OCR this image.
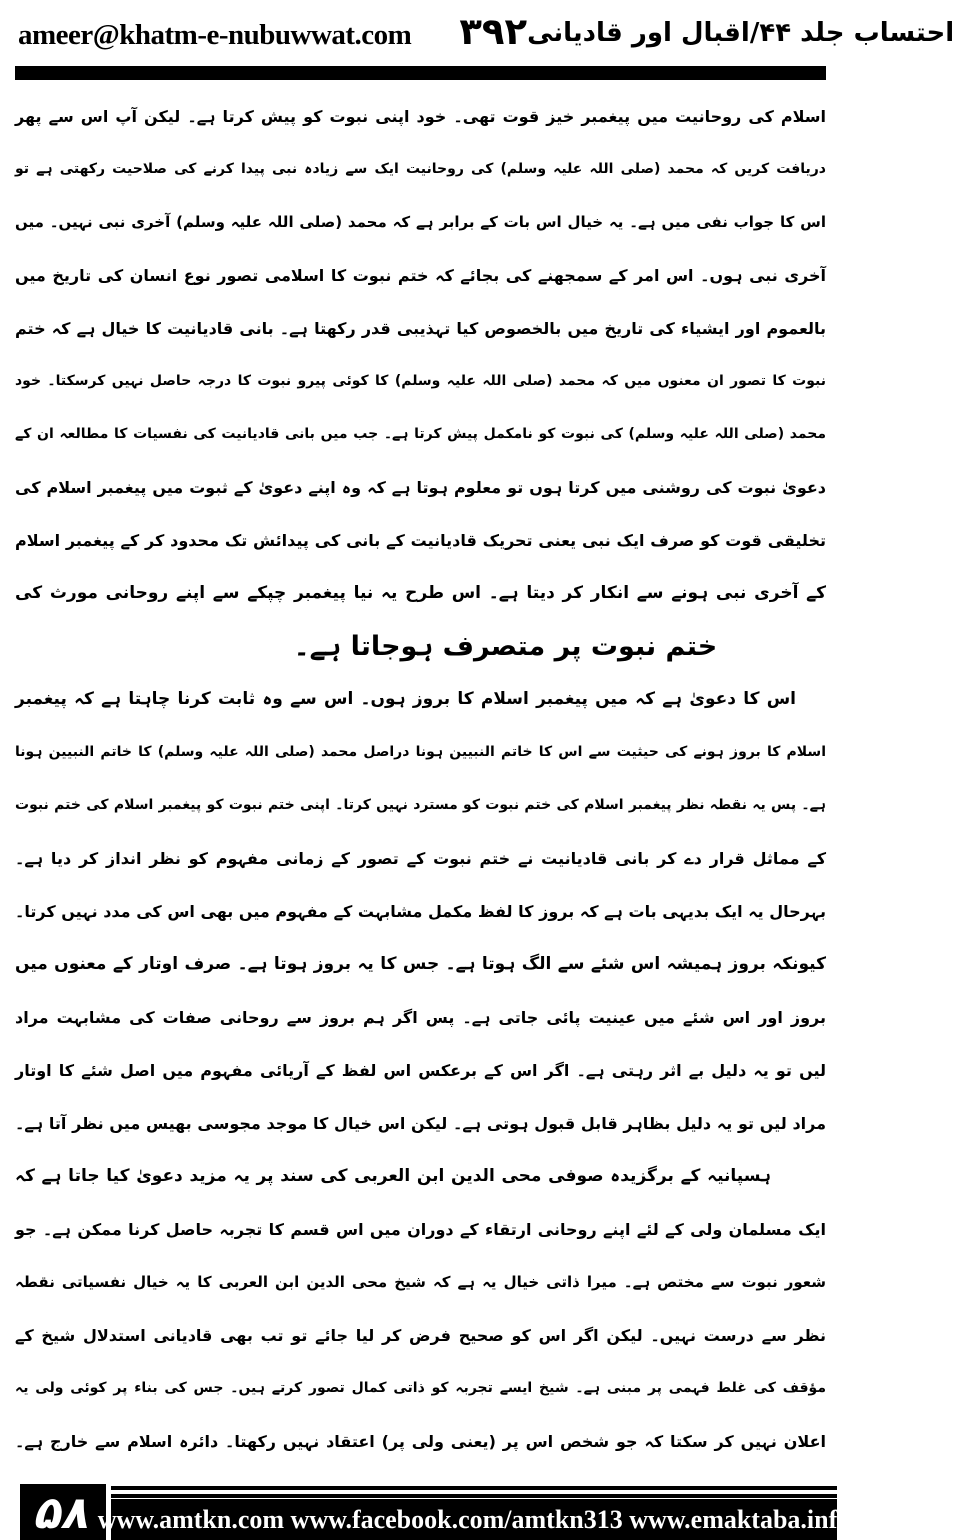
ameer@khatm-e-nubuwwat.com ۳۹۲ احتساب جلد ۴۴/اقبال اور قادیانی
اسلام کی روحانیت میں پیغمبر خیز قوت تھی۔ خود اپنی نبوت کو پیش کرتا ہے۔ لیکن آپ اس سے پھر
دریافت کریں کہ محمد (صلی اللہ علیہ وسلم) کی روحانیت ایک سے زیادہ نبی پیدا کرنے کی صلاحیت رکھتی ہے تو
اس کا جواب نفی میں ہے۔ یہ خیال اس بات کے برابر ہے کہ محمد (صلی اللہ علیہ وسلم) آخری نبی نہیں۔ میں
آخری نبی ہوں۔ اس امر کے سمجھنے کی بجائے کہ ختم نبوت کا اسلامی تصور نوع انسان کی تاریخ میں
بالعموم اور ایشیاء کی تاریخ میں بالخصوص کیا تہذیبی قدر رکھتا ہے۔ بانی قادیانیت کا خیال ہے کہ ختم
نبوت کا تصور ان معنوں میں کہ محمد (صلی اللہ علیہ وسلم) کا کوئی پیرو نبوت کا درجہ حاصل نہیں کرسکتا۔ خود
محمد (صلی اللہ علیہ وسلم) کی نبوت کو نامکمل پیش کرتا ہے۔ جب میں بانی قادیانیت کی نفسیات کا مطالعہ ان کے
دعویٰ نبوت کی روشنی میں کرتا ہوں تو معلوم ہوتا ہے کہ وہ اپنے دعویٰ کے ثبوت میں پیغمبر اسلام کی
تخلیقی قوت کو صرف ایک نبی یعنی تحریک قادیانیت کے بانی کی پیدائش تک محدود کر کے پیغمبر اسلام
کے آخری نبی ہونے سے انکار کر دیتا ہے۔ اس طرح یہ نیا پیغمبر چپکے سے اپنے روحانی مورث کی
ختم نبوت پر متصرف ہوجاتا ہے۔
اس کا دعویٰ ہے کہ میں پیغمبر اسلام کا بروز ہوں۔ اس سے وہ ثابت کرنا چاہتا ہے کہ پیغمبر
اسلام کا بروز ہونے کی حیثیت سے اس کا خاتم النبیین ہونا دراصل محمد (صلی اللہ علیہ وسلم) کا خاتم النبیین ہونا
ہے۔ پس یہ نقطہ نظر پیغمبر اسلام کی ختم نبوت کو مسترد نہیں کرتا۔ اپنی ختم نبوت کو پیغمبر اسلام کی ختم نبوت
کے مماثل قرار دے کر بانی قادیانیت نے ختم نبوت کے تصور کے زمانی مفہوم کو نظر انداز کر دیا ہے۔
بہرحال یہ ایک بدیہی بات ہے کہ بروز کا لفظ مکمل مشابہت کے مفہوم میں بھی اس کی مدد نہیں کرتا۔
کیونکہ بروز ہمیشہ اس شئے سے الگ ہوتا ہے۔ جس کا یہ بروز ہوتا ہے۔ صرف اوتار کے معنوں میں
بروز اور اس شئے میں عینیت پائی جاتی ہے۔ پس اگر ہم بروز سے روحانی صفات کی مشابہت مراد
لیں تو یہ دلیل بے اثر رہتی ہے۔ اگر اس کے برعکس اس لفظ کے آریائی مفہوم میں اصل شئے کا اوتار
مراد لیں تو یہ دلیل بظاہر قابل قبول ہوتی ہے۔ لیکن اس خیال کا موجد مجوسی بھیس میں نظر آتا ہے۔
ہسپانیہ کے برگزیدہ صوفی محی الدین ابن العربی کی سند پر یہ مزید دعویٰ کیا جاتا ہے کہ
ایک مسلمان ولی کے لئے اپنے روحانی ارتقاء کے دوران میں اس قسم کا تجربہ حاصل کرنا ممکن ہے۔ جو
شعور نبوت سے مختص ہے۔ میرا ذاتی خیال یہ ہے کہ شیخ محی الدین ابن العربی کا یہ خیال نفسیاتی نقطہ
نظر سے درست نہیں۔ لیکن اگر اس کو صحیح فرض کر لیا جائے تو تب بھی قادیانی استدلال شیخ کے
مؤقف کی غلط فہمی پر مبنی ہے۔ شیخ ایسے تجربہ کو ذاتی کمال تصور کرتے ہیں۔ جس کی بناء پر کوئی ولی یہ
اعلان نہیں کر سکتا کہ جو شخص اس پر (یعنی ولی پر) اعتقاد نہیں رکھتا۔ دائرہ اسلام سے خارج ہے۔
۵۸ www.amtkn.com www.facebook.com/amtkn313 www.emaktaba.info
